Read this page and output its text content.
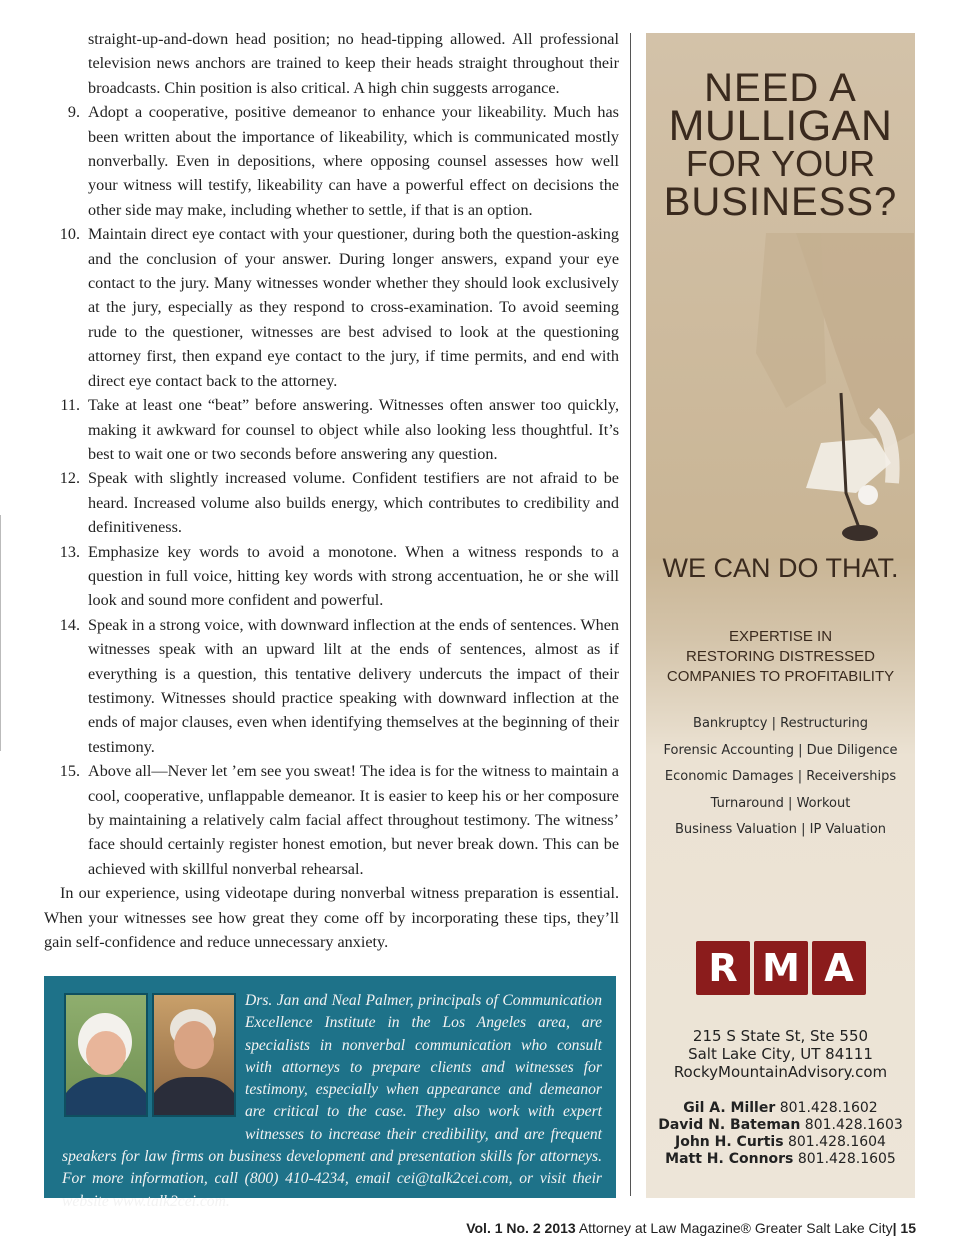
straight-up-and-down head position; no head-tipping allowed. All professional television news anchors are trained to keep their heads straight throughout their broadcasts. Chin position is also critical. A high chin suggests arrogance.

9. Adopt a cooperative, positive demeanor to enhance your likeability. Much has been written about the importance of likeability, which is communicated mostly nonverbally. Even in depositions, where opposing counsel assesses how well your witness will testify, likeability can have a powerful effect on decisions the other side may make, including whether to settle, if that is an option.
10. Maintain direct eye contact with your questioner, during both the question-asking and the conclusion of your answer. During longer answers, expand your eye contact to the jury. Many witnesses wonder whether they should look exclusively at the jury, especially as they respond to cross-examination. To avoid seeming rude to the questioner, witnesses are best advised to look at the questioning attorney first, then expand eye contact to the jury, if time permits, and end with direct eye contact back to the attorney.
11. Take at least one “beat” before answering. Witnesses often answer too quickly, making it awkward for counsel to object while also looking less thoughtful. It’s best to wait one or two seconds before answering any question.
12. Speak with slightly increased volume. Confident testifiers are not afraid to be heard. Increased volume also builds energy, which contributes to credibility and definitiveness.
13. Emphasize key words to avoid a monotone. When a witness responds to a question in full voice, hitting key words with strong accentuation, he or she will look and sound more confident and powerful.
14. Speak in a strong voice, with downward inflection at the ends of sentences. When witnesses speak with an upward lilt at the ends of sentences, almost as if everything is a question, this tentative delivery undercuts the impact of their testimony. Witnesses should practice speaking with downward inflection at the ends of major clauses, even when identifying themselves at the beginning of their testimony.
15. Above all—Never let ’em see you sweat! The idea is for the witness to maintain a cool, cooperative, unflappable demeanor. It is easier to keep his or her composure by maintaining a relatively calm facial affect throughout testimony. The witness’ face should certainly register honest emotion, but never break down. This can be achieved with skillful nonverbal rehearsal.

In our experience, using videotape during nonverbal witness preparation is essential. When your witnesses see how great they come off by incorporating these tips, they’ll gain self-confidence and reduce unnecessary anxiety.

Drs. Jan and Neal Palmer, principals of Communication Excellence Institute in the Los Angeles area, are specialists in nonverbal communication who consult with attorneys to prepare clients and witnesses for testimony, especially when appearance and demeanor are critical to the case. They also work with expert witnesses to increase their credibility, and are frequent speakers for law firms on business development and presentation skills for attorneys. For more information, call (800) 410-4234, email cei@talk2cei.com, or visit their website www.talk2cei.com.
NEED A
MULLIGAN
FOR YOUR
BUSINESS?
WE CAN DO THAT.
EXPERTISE IN
RESTORING DISTRESSED
COMPANIES TO PROFITABILITY
Bankruptcy | Restructuring
Forensic Accounting | Due Diligence
Economic Damages | Receiverships
Turnaround | Workout
Business Valuation | IP Valuation
R M A
215 S State St, Ste 550
Salt Lake City, UT 84111
RockyMountainAdvisory.com
Gil A. Miller 801.428.1602
David N. Bateman 801.428.1603
John H. Curtis 801.428.1604
Matt H. Connors 801.428.1605
Vol. 1 No. 2 2013 Attorney at Law Magazine® Greater Salt Lake City| 15
